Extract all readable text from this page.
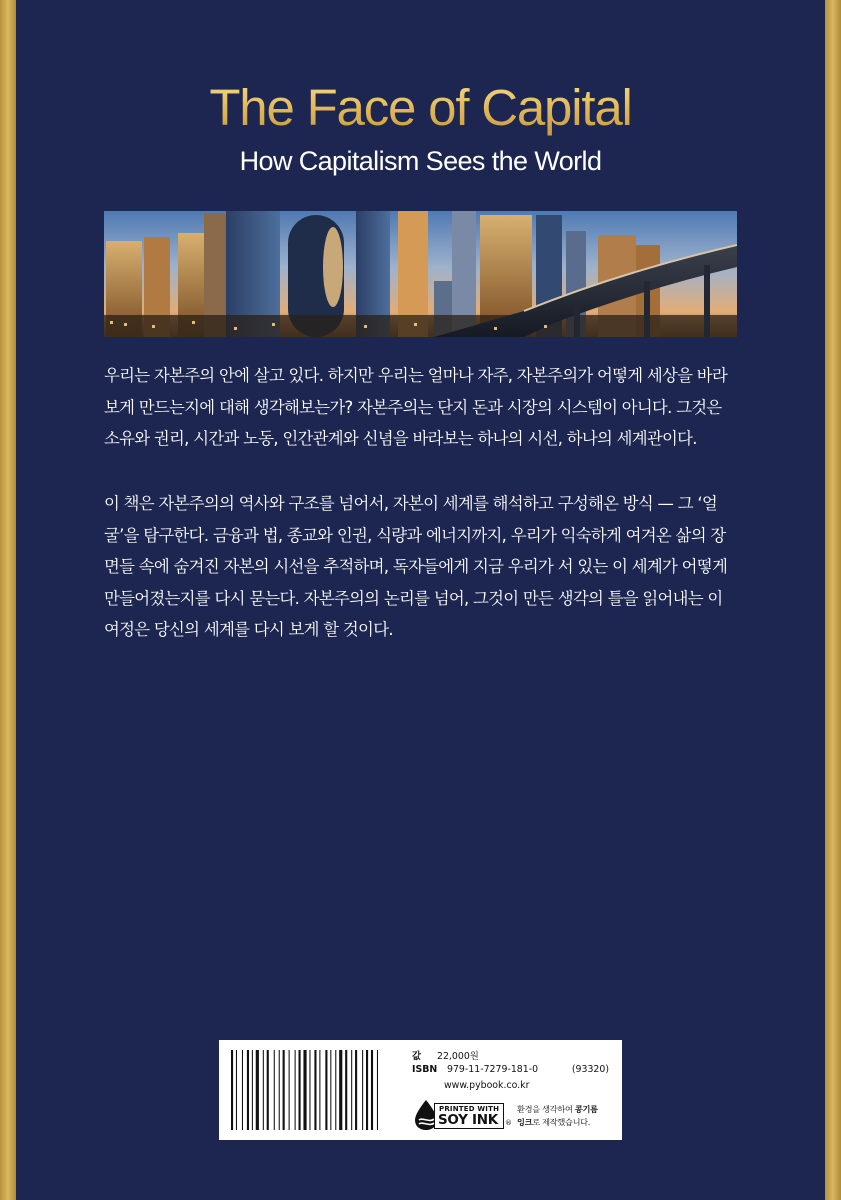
The Face of Capital
How Capitalism Sees the World

우리는 자본주의 안에 살고 있다. 하지만 우리는 얼마나 자주, 자본주의가 어떻게 세상을 바라
보게 만드는지에 대해 생각해보는가? 자본주의는 단지 돈과 시장의 시스템이 아니다. 그것은
소유와 권리, 시간과 노동, 인간관계와 신념을 바라보는 하나의 시선, 하나의 세계관이다.

이 책은 자본주의의 역사와 구조를 넘어서, 자본이 세계를 해석하고 구성해온 방식 — 그 ‘얼
굴’을 탐구한다. 금융과 법, 종교와 인권, 식량과 에너지까지, 우리가 익숙하게 여겨온 삶의 장
면들 속에 숨겨진 자본의 시선을 추적하며, 독자들에게 지금 우리가 서 있는 이 세계가 어떻게
만들어졌는지를 다시 묻는다. 자본주의의 논리를 넘어, 그것이 만든 생각의 틀을 읽어내는 이
여정은 당신의 세계를 다시 보게 할 것이다.

값 22,000원
ISBN 979-11-7279-181-0	(93320)
www.pybook.co.kr
PRINTED WITH
SOY INK ®
환경을 생각하여 콩기름
잉크로 제작했습니다.
